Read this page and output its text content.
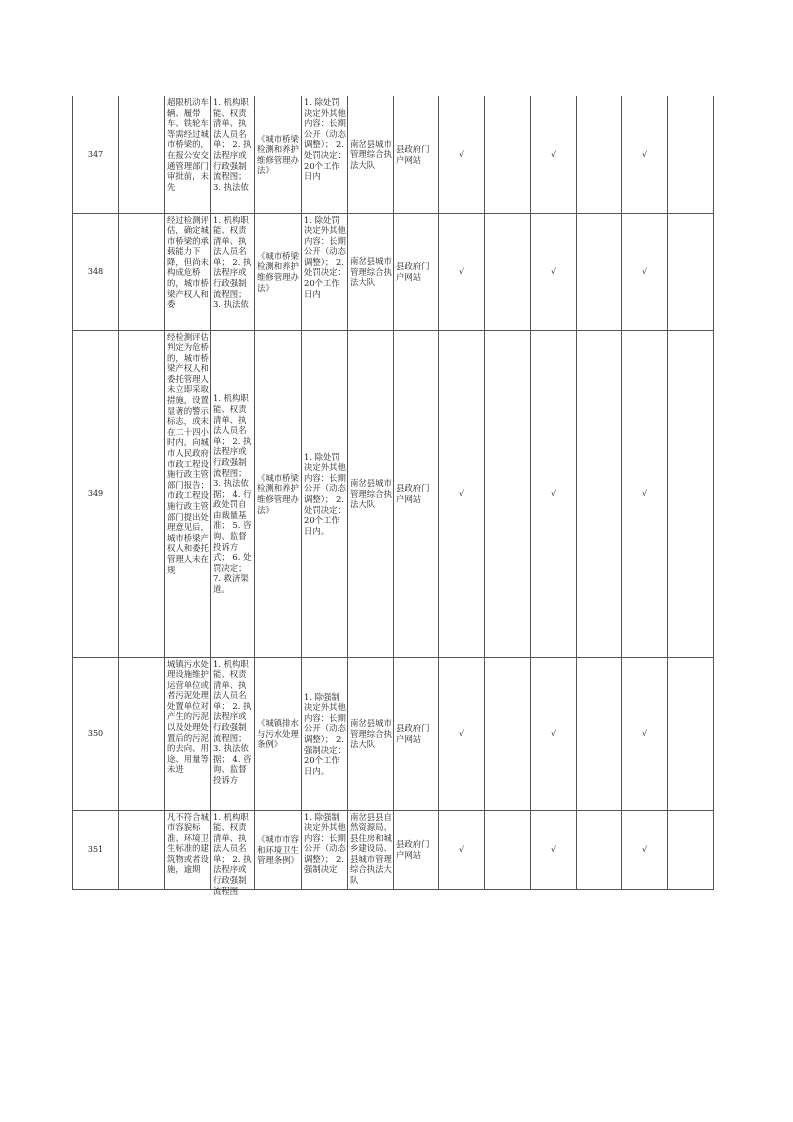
347		超限机动车辆、履带车、铁轮车等需经过城市桥梁的，在报公安交通管理部门审批前，未先	1. 机构职能、权责清单、执法人员名单； 2. 执法程序或行政强制流程图； 3. 执法依	《城市桥梁检测和养护维修管理办法》	1. 除处罚决定外其他内容：长期公开（动态调整）； 2. 处罚决定：20个工作日内	南岔县城市管理综合执法大队	县政府门户网站	√		√		√	
348		经过检测评估，确定城市桥梁的承载能力下降，但尚未构成危桥的，城市桥梁产权人和委	1. 机构职能、权责清单、执法人员名单； 2. 执法程序或行政强制流程图； 3. 执法依	《城市桥梁检测和养护维修管理办法》	1. 除处罚决定外其他内容：长期公开（动态调整）； 2. 处罚决定：20个工作日内	南岔县城市管理综合执法大队	县政府门户网站	√		√		√	
349		经检测评估判定为危桥的，城市桥梁产权人和委托管理人未立即采取措施，设置显著的警示标志，或未在二十四小时内，向城市人民政府市政工程设施行政主管部门报告；市政工程设施行政主管部门提出处理意见后，城市桥梁产权人和委托管理人未在规	1. 机构职能、权责清单、执法人员名单； 2. 执法程序或行政强制流程图； 3. 执法依据； 4. 行政处罚自由裁量基准； 5. 咨询、监督投诉方式； 6. 处罚决定； 7. 救济渠道。	《城市桥梁检测和养护维修管理办法》	1. 除处罚决定外其他内容：长期公开（动态调整）； 2. 处罚决定：20个工作日内。	南岔县城市管理综合执法大队	县政府门户网站	√		√		√	
350		城镇污水处理设施维护运营单位或者污泥处理处置单位对产生的污泥以及处理处置后的污泥的去向、用途、用量等未进	1. 机构职能、权责清单、执法人员名单； 2. 执法程序或行政强制流程图； 3. 执法依据； 4. 咨询、监督投诉方	《城镇排水与污水处理条例》	1. 除强制决定外其他内容：长期公开（动态调整）； 2. 强制决定：20个工作日内。	南岔县城市管理综合执法大队	县政府门户网站	√		√		√	
351		凡不符合城市容貌标准、环境卫生标准的建筑物或者设施，逾期	1. 机构职能、权责清单、执法人员名单； 2. 执法程序或行政强制流程图	《城市市容和环境卫生管理条例》	1. 除强制决定外其他内容：长期公开（动态调整）； 2. 强制决定	南岔县县自然资源局、县住房和城乡建设局、县城市管理综合执法大队	县政府门户网站	√		√		√	
